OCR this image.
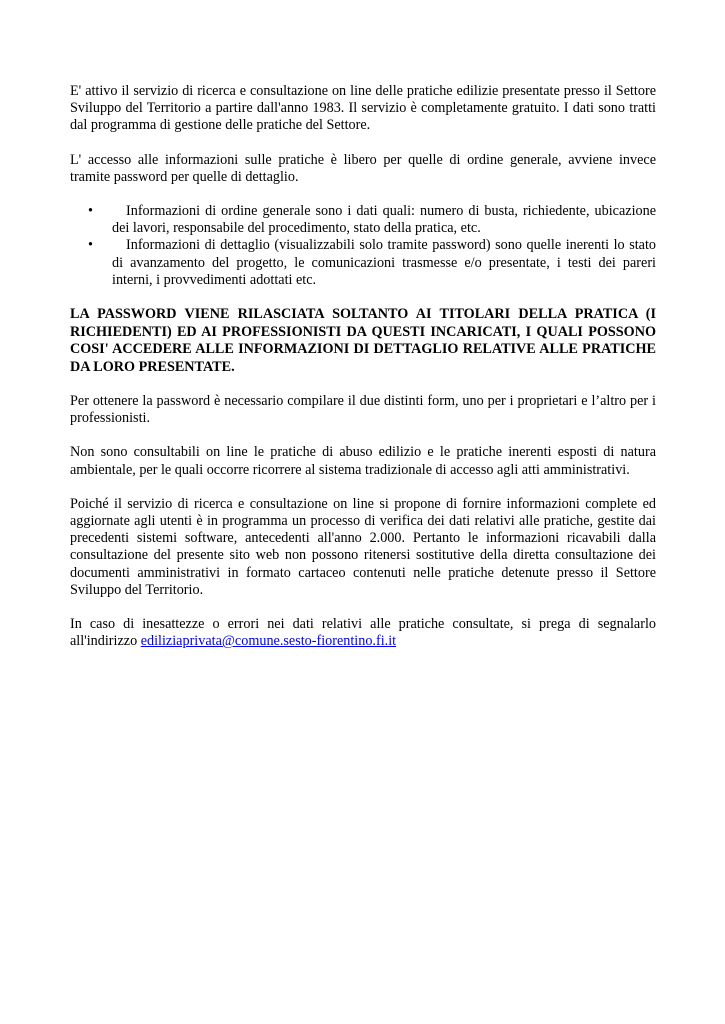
E' attivo il servizio di ricerca e consultazione on line delle pratiche edilizie presentate presso il Settore Sviluppo del Territorio a partire dall'anno 1983. Il servizio è completamente gratuito. I dati sono tratti dal programma di gestione delle pratiche del Settore.

L' accesso alle informazioni sulle pratiche è libero per quelle di ordine generale, avviene invece tramite password per quelle di dettaglio.

• Informazioni di ordine generale sono i dati quali: numero di busta, richiedente, ubicazione dei lavori, responsabile del procedimento, stato della pratica, etc.
• Informazioni di dettaglio (visualizzabili solo tramite password) sono quelle inerenti lo stato di avanzamento del progetto, le comunicazioni trasmesse e/o presentate, i testi dei pareri interni, i provvedimenti adottati etc.

LA PASSWORD VIENE RILASCIATA SOLTANTO AI TITOLARI DELLA PRATICA (I RICHIEDENTI) ED AI PROFESSIONISTI DA QUESTI INCARICATI, I QUALI POSSONO COSI' ACCEDERE ALLE INFORMAZIONI DI DETTAGLIO RELATIVE ALLE PRATICHE DA LORO PRESENTATE.

Per ottenere la password è necessario compilare il due distinti form, uno per i proprietari e l’altro per i professionisti.

Non sono consultabili on line le pratiche di abuso edilizio e le pratiche inerenti esposti di natura ambientale, per le quali occorre ricorrere al sistema tradizionale di accesso agli atti amministrativi.

Poiché il servizio di ricerca e consultazione on line si propone di fornire informazioni complete ed aggiornate agli utenti è in programma un processo di verifica dei dati relativi alle pratiche, gestite dai precedenti sistemi software, antecedenti all'anno 2.000. Pertanto le informazioni ricavabili dalla consultazione del presente sito web non possono ritenersi sostitutive della diretta consultazione dei documenti amministrativi in formato cartaceo contenuti nelle pratiche detenute presso il Settore Sviluppo del Territorio.

In caso di inesattezze o errori nei dati relativi alle pratiche consultate, si prega di segnalarlo all'indirizzo ediliziaprivata@comune.sesto-fiorentino.fi.it
